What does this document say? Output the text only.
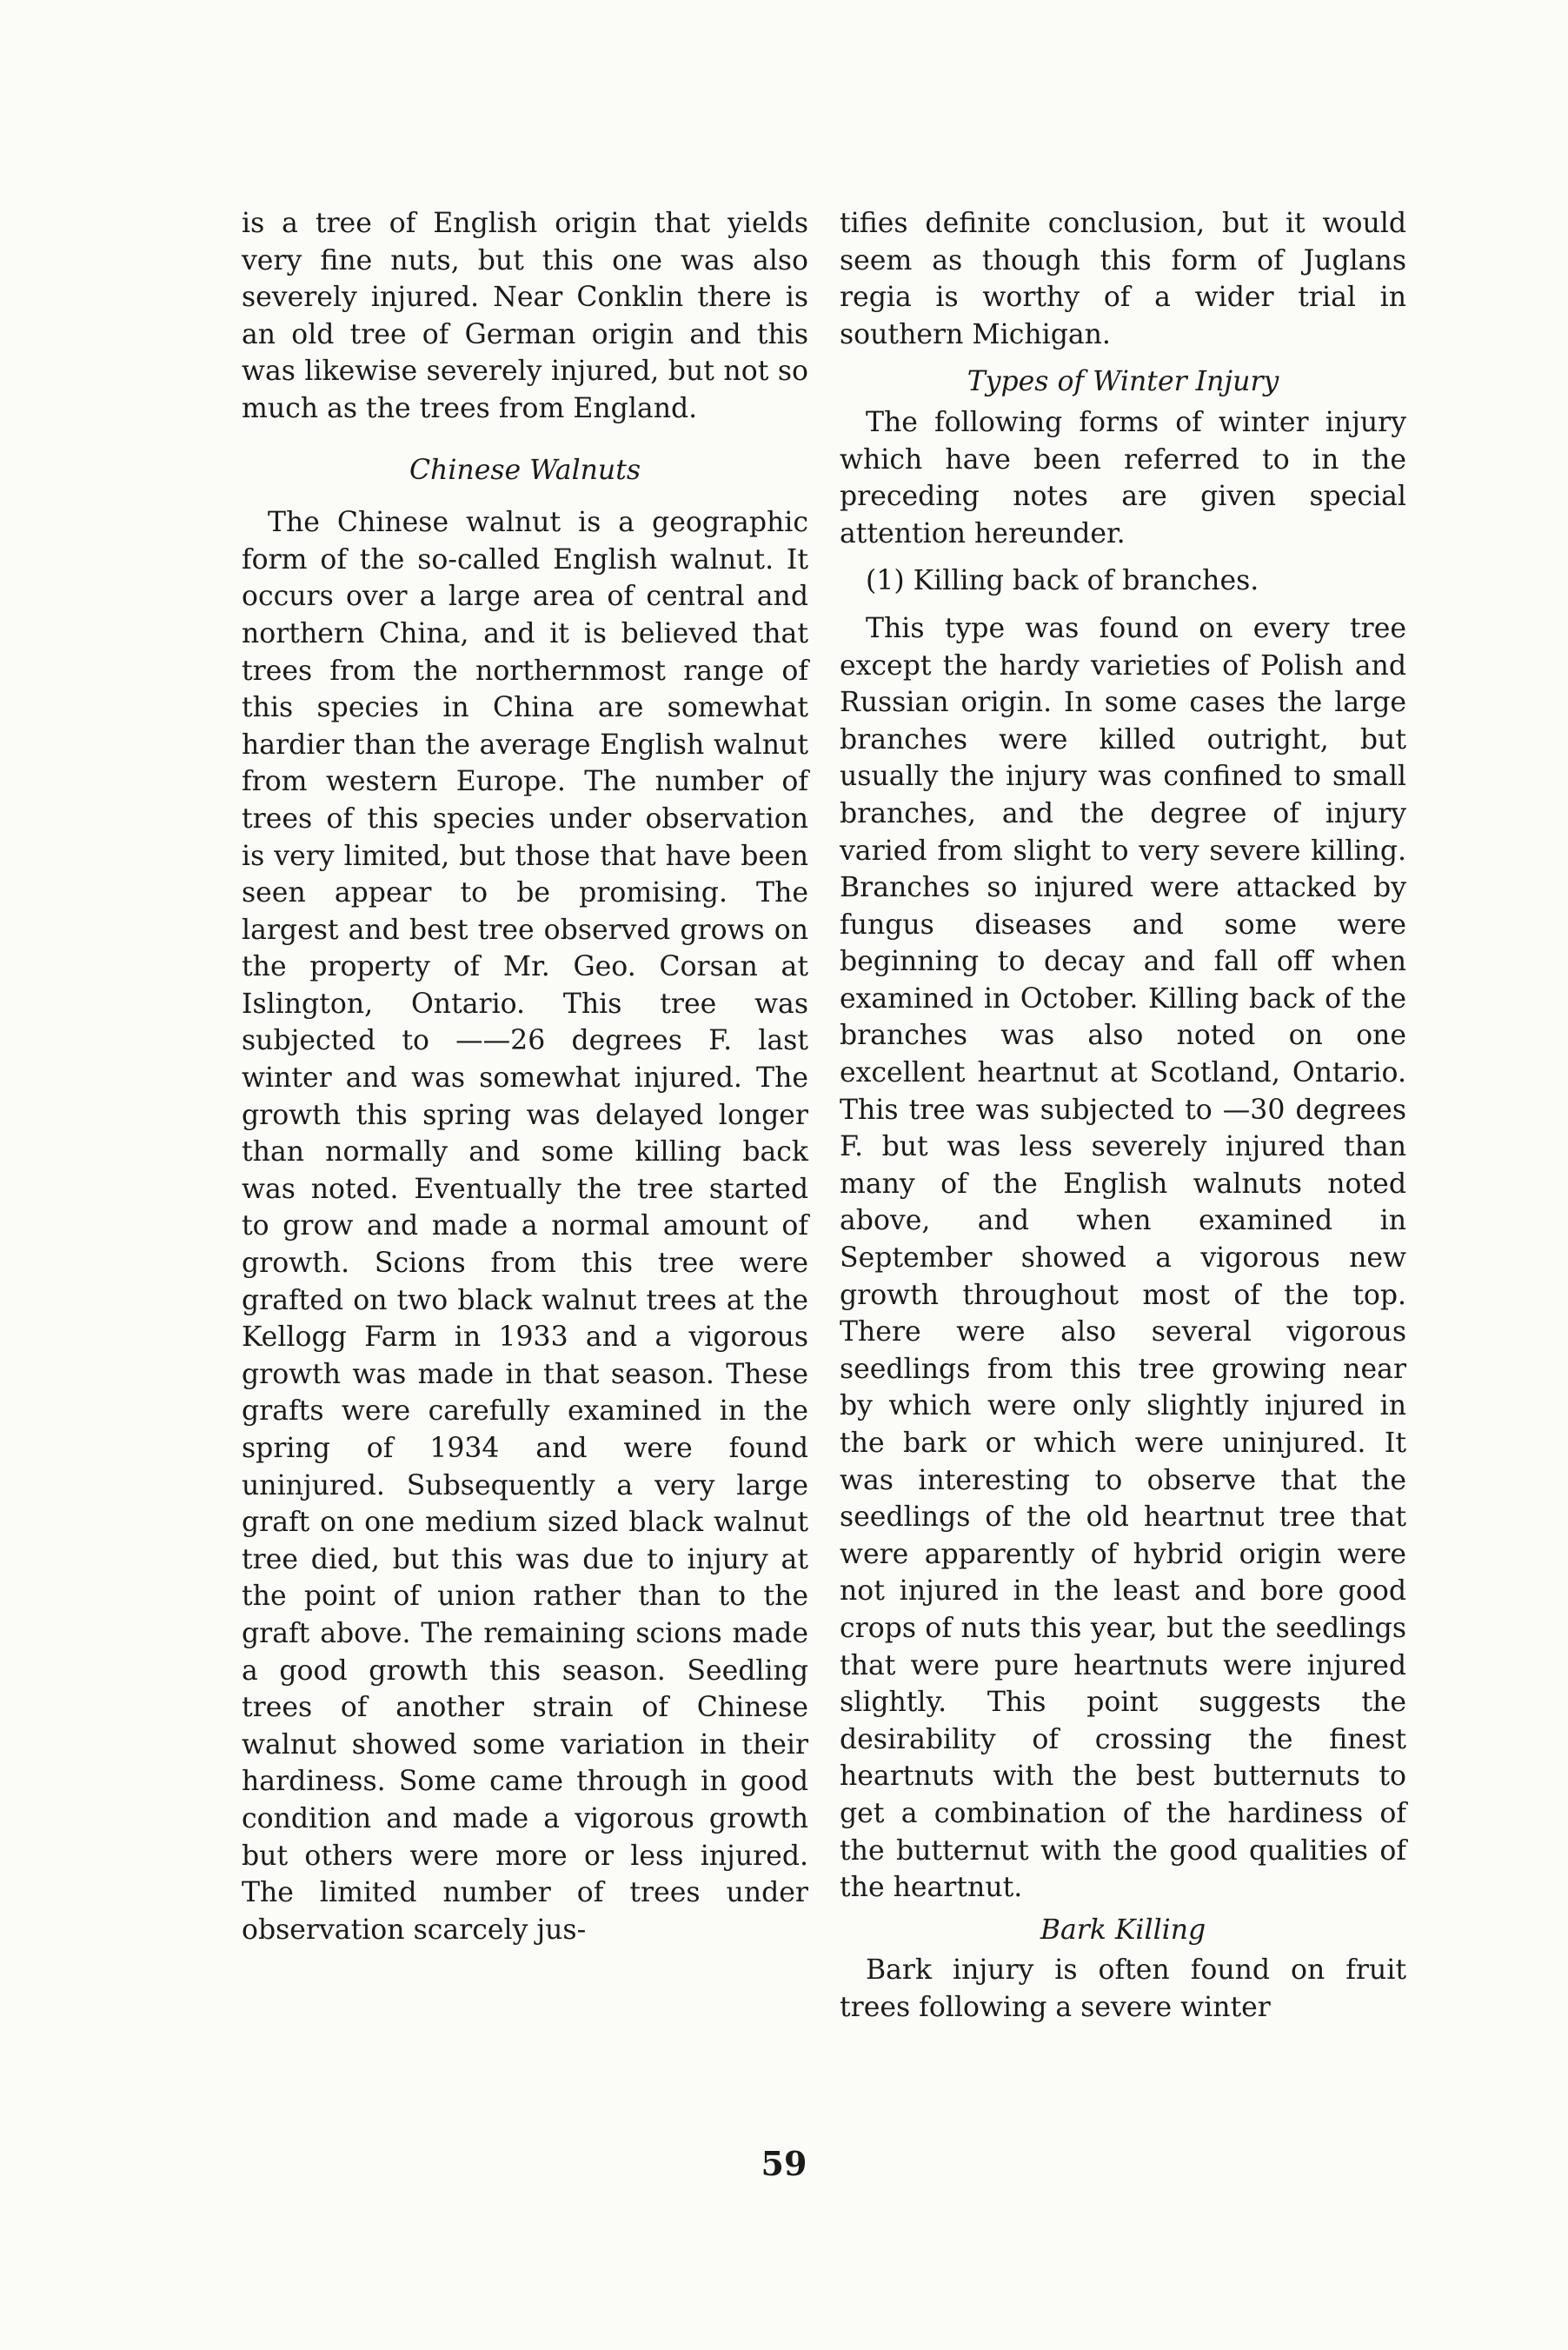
is a tree of English origin that yields very fine nuts, but this one was also severely injured. Near Conklin there is an old tree of German origin and this was likewise severely injured, but not so much as the trees from England.

Chinese Walnuts

The Chinese walnut is a geographic form of the so-called English walnut. It occurs over a large area of central and northern China, and it is believed that trees from the northernmost range of this species in China are somewhat hardier than the average English walnut from western Europe. The number of trees of this species under observation is very limited, but those that have been seen appear to be promising. The largest and best tree observed grows on the property of Mr. Geo. Corsan at Islington, Ontario. This tree was subjected to ——26 degrees F. last winter and was somewhat injured. The growth this spring was delayed longer than normally and some killing back was noted. Eventually the tree started to grow and made a normal amount of growth. Scions from this tree were grafted on two black walnut trees at the Kellogg Farm in 1933 and a vigorous growth was made in that season. These grafts were carefully examined in the spring of 1934 and were found uninjured. Subsequently a very large graft on one medium sized black walnut tree died, but this was due to injury at the point of union rather than to the graft above. The remaining scions made a good growth this season. Seedling trees of another strain of Chinese walnut showed some variation in their hardiness. Some came through in good condition and made a vigorous growth but others were more or less injured. The limited number of trees under observation scarcely jus-

tifies definite conclusion, but it would seem as though this form of Juglans regia is worthy of a wider trial in southern Michigan.

Types of Winter Injury

The following forms of winter injury which have been referred to in the preceding notes are given special attention hereunder.

(1) Killing back of branches.

This type was found on every tree except the hardy varieties of Polish and Russian origin. In some cases the large branches were killed outright, but usually the injury was confined to small branches, and the degree of injury varied from slight to very severe killing. Branches so injured were attacked by fungus diseases and some were beginning to decay and fall off when examined in October. Killing back of the branches was also noted on one excellent heartnut at Scotland, Ontario. This tree was subjected to —30 degrees F. but was less severely injured than many of the English walnuts noted above, and when examined in September showed a vigorous new growth throughout most of the top. There were also several vigorous seedlings from this tree growing near by which were only slightly injured in the bark or which were uninjured. It was interesting to observe that the seedlings of the old heartnut tree that were apparently of hybrid origin were not injured in the least and bore good crops of nuts this year, but the seedlings that were pure heartnuts were injured slightly. This point suggests the desirability of crossing the finest heartnuts with the best butternuts to get a combination of the hardiness of the butternut with the good qualities of the heartnut.

Bark Killing

Bark injury is often found on fruit trees following a severe winter

59
